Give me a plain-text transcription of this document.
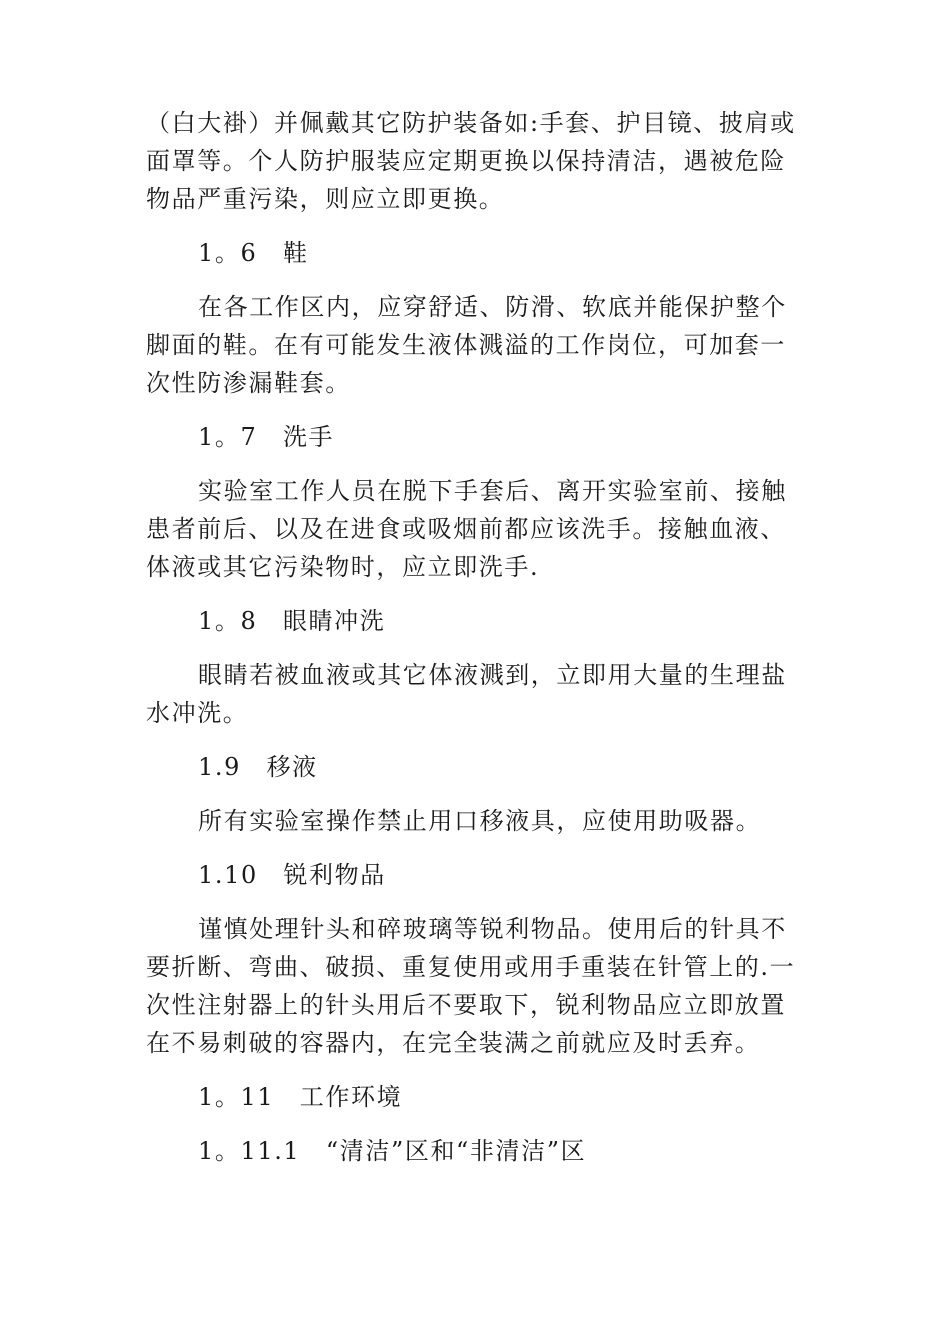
（白大褂）并佩戴其它防护装备如:手套、护目镜、披肩或面罩等。个人防护服装应定期更换以保持清洁，遇被危险物品严重污染，则应立即更换。

1。6　鞋

在各工作区内，应穿舒适、防滑、软底并能保护整个脚面的鞋。在有可能发生液体溅溢的工作岗位，可加套一次性防渗漏鞋套。

1。7　洗手

实验室工作人员在脱下手套后、离开实验室前、接触患者前后、以及在进食或吸烟前都应该洗手。接触血液、体液或其它污染物时，应立即洗手.

1。8　眼睛冲洗

眼睛若被血液或其它体液溅到，立即用大量的生理盐水冲洗。

1.9　移液

所有实验室操作禁止用口移液具，应使用助吸器。

1.10　锐利物品

谨慎处理针头和碎玻璃等锐利物品。使用后的针具不要折断、弯曲、破损、重复使用或用手重装在针管上的.一次性注射器上的针头用后不要取下，锐利物品应立即放置在不易刺破的容器内，在完全装满之前就应及时丢弃。

1。11　工作环境

1。11.1　“清洁”区和“非清洁”区
